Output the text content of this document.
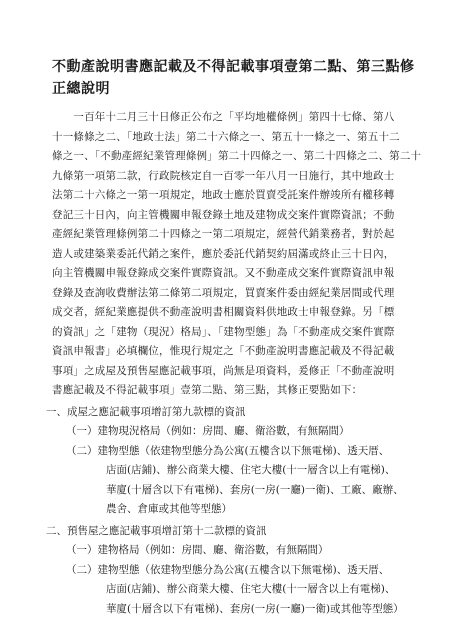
不動產說明書應記載及不得記載事項壹第二點、第三點修
正總說明
　　一百年十二月三十日修正公布之「平均地權條例」第四十七條、第八
十一條條之二、「地政士法」第二十六條之一、第五十一條之一、第五十二
條之一、「不動產經紀業管理條例」第二十四條之一、第二十四條之二、第二十
九條第一項第二款，行政院核定自一百零一年八月一日施行，其中地政士
法第二十六條之一第一項規定，地政士應於買賣受託案件辦竣所有權移轉
登記三十日內，向主管機關申報登錄土地及建物成交案件實際資訊；不動
產經紀業管理條例第二十四條之一第二項規定，經營代銷業務者，對於起
造人或建築業委託代銷之案件，應於委託代銷契約屆滿或終止三十日內，
向主管機關申報登錄成交案件實際資訊。又不動產成交案件實際資訊申報
登錄及查詢收費辦法第二條第二項規定，買賣案件委由經紀業居間或代理
成交者，經紀業應提供不動產說明書相關資料供地政士申報登錄。另「標
的資訊」之「建物（現況）格局」、「建物型態」為「不動產成交案件實際
資訊申報書」必填欄位，惟現行規定之「不動產說明書應記載及不得記載
事項」之成屋及預售屋應記載事項，尚無是項資料，爰修正「不動產說明
書應記載及不得記載事項」壹第二點、第三點，其修正要點如下：
一、成屋之應記載事項增訂第九款標的資訊
（一）建物現況格局（例如：房間、廳、衛浴數，有無隔間）
（二）建物型態（依建物型態分為公寓(五樓含以下無電梯)、透天厝、
店面(店鋪)、辦公商業大樓、住宅大樓(十一層含以上有電梯)、
華廈(十層含以下有電梯)、套房(一房(一廳)一衛)、工廠、廠辦、
農舍、倉庫或其他等型態）
二、預售屋之應記載事項增訂第十二款標的資訊
（一）建物格局（例如：房間、廳、衛浴數，有無隔間）
（二）建物型態（依建物型態分為公寓(五樓含以下無電梯)、透天厝、
店面(店鋪)、辦公商業大樓、住宅大樓(十一層含以上有電梯)、
華廈(十層含以下有電梯)、套房(一房(一廳)一衛)或其他等型態）
